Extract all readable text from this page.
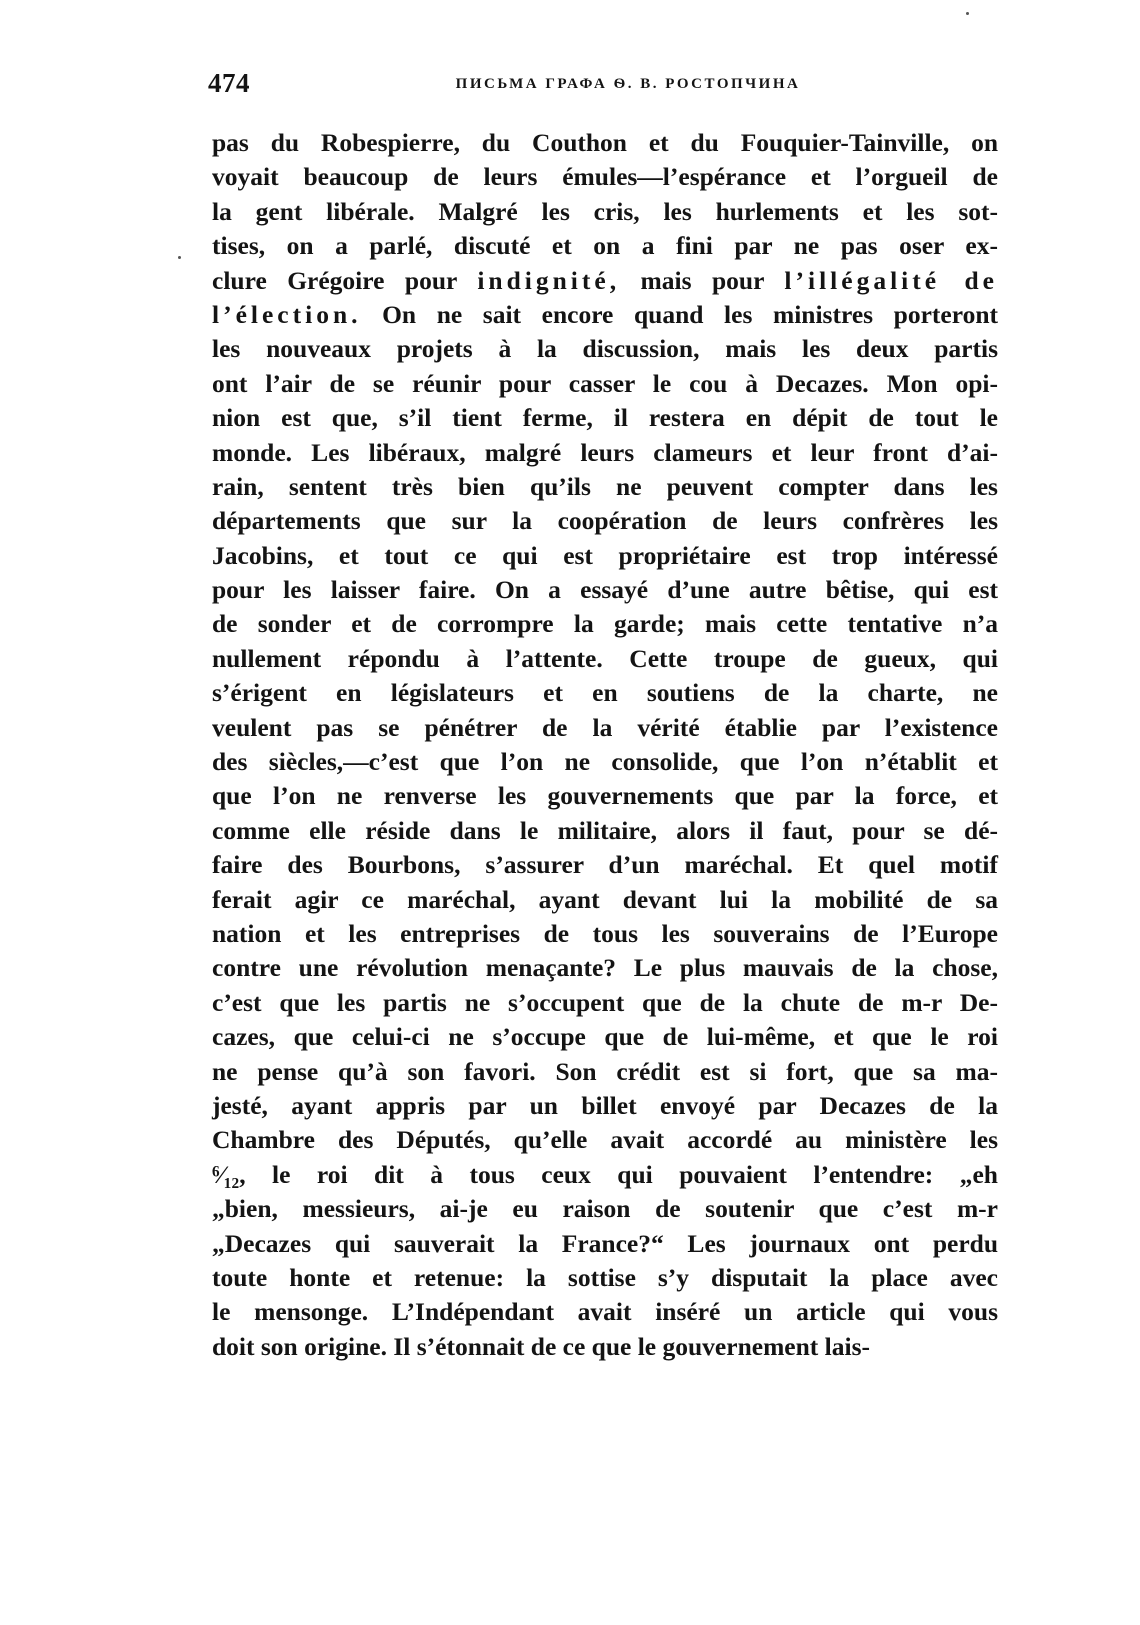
474	ПИСЬМА ГРАФА Ѳ. В. РОСТОПЧИНА
pas du Robespierre, du Couthon et du Fouquier-Tainville, on
voyait beaucoup de leurs émules—l’espérance et l’orgueil de
la gent libérale. Malgré les cris, les hurlements et les sot-
tises, on a parlé, discuté et on a fini par ne pas oser ex-
clure Grégoire pour indignité, mais pour l’illégalité de
l’élection. On ne sait encore quand les ministres porteront
les nouveaux projets à la discussion, mais les deux partis
ont l’air de se réunir pour casser le cou à Decazes. Mon opi-
nion est que, s’il tient ferme, il restera en dépit de tout le
monde. Les libéraux, malgré leurs clameurs et leur front d’ai-
rain, sentent très bien qu’ils ne peuvent compter dans les
départements que sur la coopération de leurs confrères les
Jacobins, et tout ce qui est propriétaire est trop intéressé
pour les laisser faire. On a essayé d’une autre bêtise, qui est
de sonder et de corrompre la garde; mais cette tentative n’a
nullement répondu à l’attente. Cette troupe de gueux, qui
s’érigent en législateurs et en soutiens de la charte, ne
veulent pas se pénétrer de la vérité établie par l’existence
des siècles,—c’est que l’on ne consolide, que l’on n’établit et
que l’on ne renverse les gouvernements que par la force, et
comme elle réside dans le militaire, alors il faut, pour se dé-
faire des Bourbons, s’assurer d’un maréchal. Et quel motif
ferait agir ce maréchal, ayant devant lui la mobilité de sa
nation et les entreprises de tous les souverains de l’Europe
contre une révolution menaçante? Le plus mauvais de la chose,
c’est que les partis ne s’occupent que de la chute de m-r De-
cazes, que celui-ci ne s’occupe que de lui-même, et que le roi
ne pense qu’à son favori. Son crédit est si fort, que sa ma-
jesté, ayant appris par un billet envoyé par Decazes de la
Chambre des Députés, qu’elle avait accordé au ministère les
⁶⁄₁₂, le roi dit à tous ceux qui pouvaient l’entendre: „eh
„bien, messieurs, ai-je eu raison de soutenir que c’est m-r
„Decazes qui sauverait la France?“ Les journaux ont perdu
toute honte et retenue: la sottise s’y disputait la place avec
le mensonge. L’Indépendant avait inséré un article qui vous
doit son origine. Il s’étonnait de ce que le gouvernement lais-
